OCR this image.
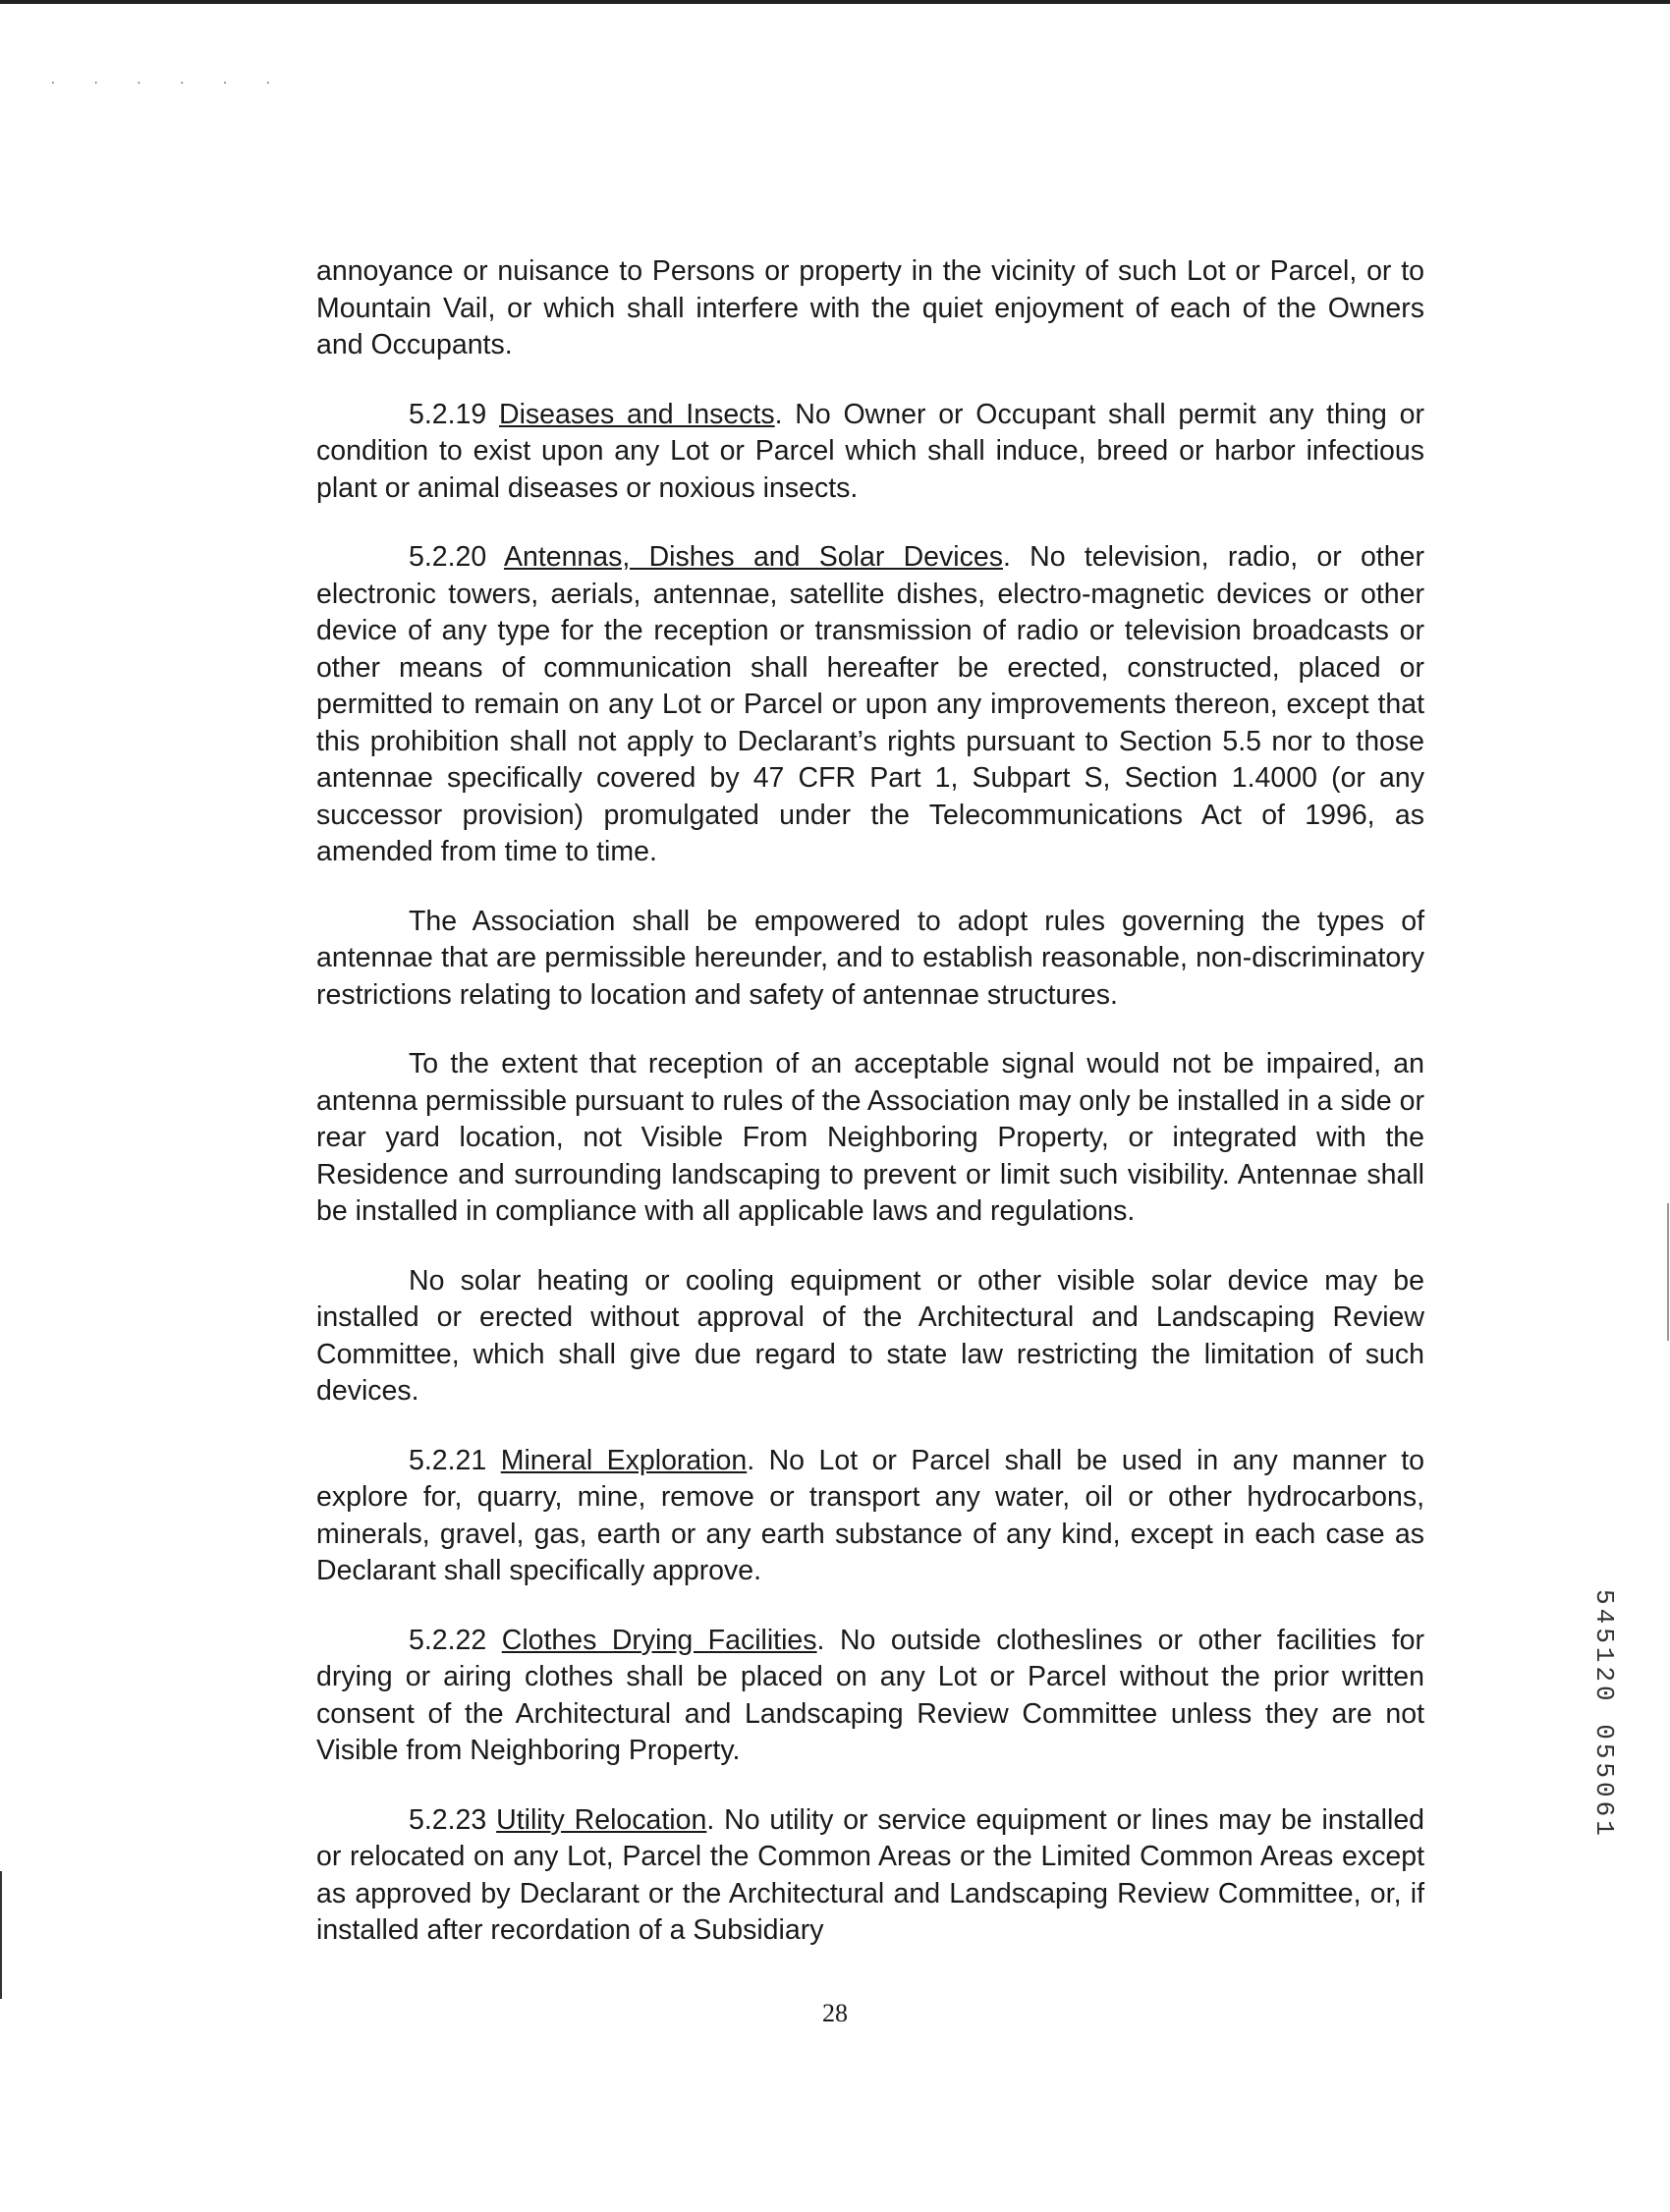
. . . . . .

annoyance or nuisance to Persons or property in the vicinity of such Lot or Parcel, or to Mountain Vail, or which shall interfere with the quiet enjoyment of each of the Owners and Occupants.

5.2.19 Diseases and Insects. No Owner or Occupant shall permit any thing or condition to exist upon any Lot or Parcel which shall induce, breed or harbor infectious plant or animal diseases or noxious insects.

5.2.20 Antennas, Dishes and Solar Devices. No television, radio, or other electronic towers, aerials, antennae, satellite dishes, electro-magnetic devices or other device of any type for the reception or transmission of radio or television broadcasts or other means of communication shall hereafter be erected, constructed, placed or permitted to remain on any Lot or Parcel or upon any improvements thereon, except that this prohibition shall not apply to Declarant’s rights pursuant to Section 5.5 nor to those antennae specifically covered by 47 CFR Part 1, Subpart S, Section 1.4000 (or any successor provision) promulgated under the Telecommunications Act of 1996, as amended from time to time.

The Association shall be empowered to adopt rules governing the types of antennae that are permissible hereunder, and to establish reasonable, non-discriminatory restrictions relating to location and safety of antennae structures.

To the extent that reception of an acceptable signal would not be impaired, an antenna permissible pursuant to rules of the Association may only be installed in a side or rear yard location, not Visible From Neighboring Property, or integrated with the Residence and surrounding landscaping to prevent or limit such visibility. Antennae shall be installed in compliance with all applicable laws and regulations.

No solar heating or cooling equipment or other visible solar device may be installed or erected without approval of the Architectural and Landscaping Review Committee, which shall give due regard to state law restricting the limitation of such devices.

5.2.21 Mineral Exploration. No Lot or Parcel shall be used in any manner to explore for, quarry, mine, remove or transport any water, oil or other hydrocarbons, minerals, gravel, gas, earth or any earth substance of any kind, except in each case as Declarant shall specifically approve.

5.2.22 Clothes Drying Facilities. No outside clotheslines or other facilities for drying or airing clothes shall be placed on any Lot or Parcel without the prior written consent of the Architectural and Landscaping Review Committee unless they are not Visible from Neighboring Property.

5.2.23 Utility Relocation. No utility or service equipment or lines may be installed or relocated on any Lot, Parcel the Common Areas or the Limited Common Areas except as approved by Declarant or the Architectural and Landscaping Review Committee, or, if installed after recordation of a Subsidiary

28
545120 055061
